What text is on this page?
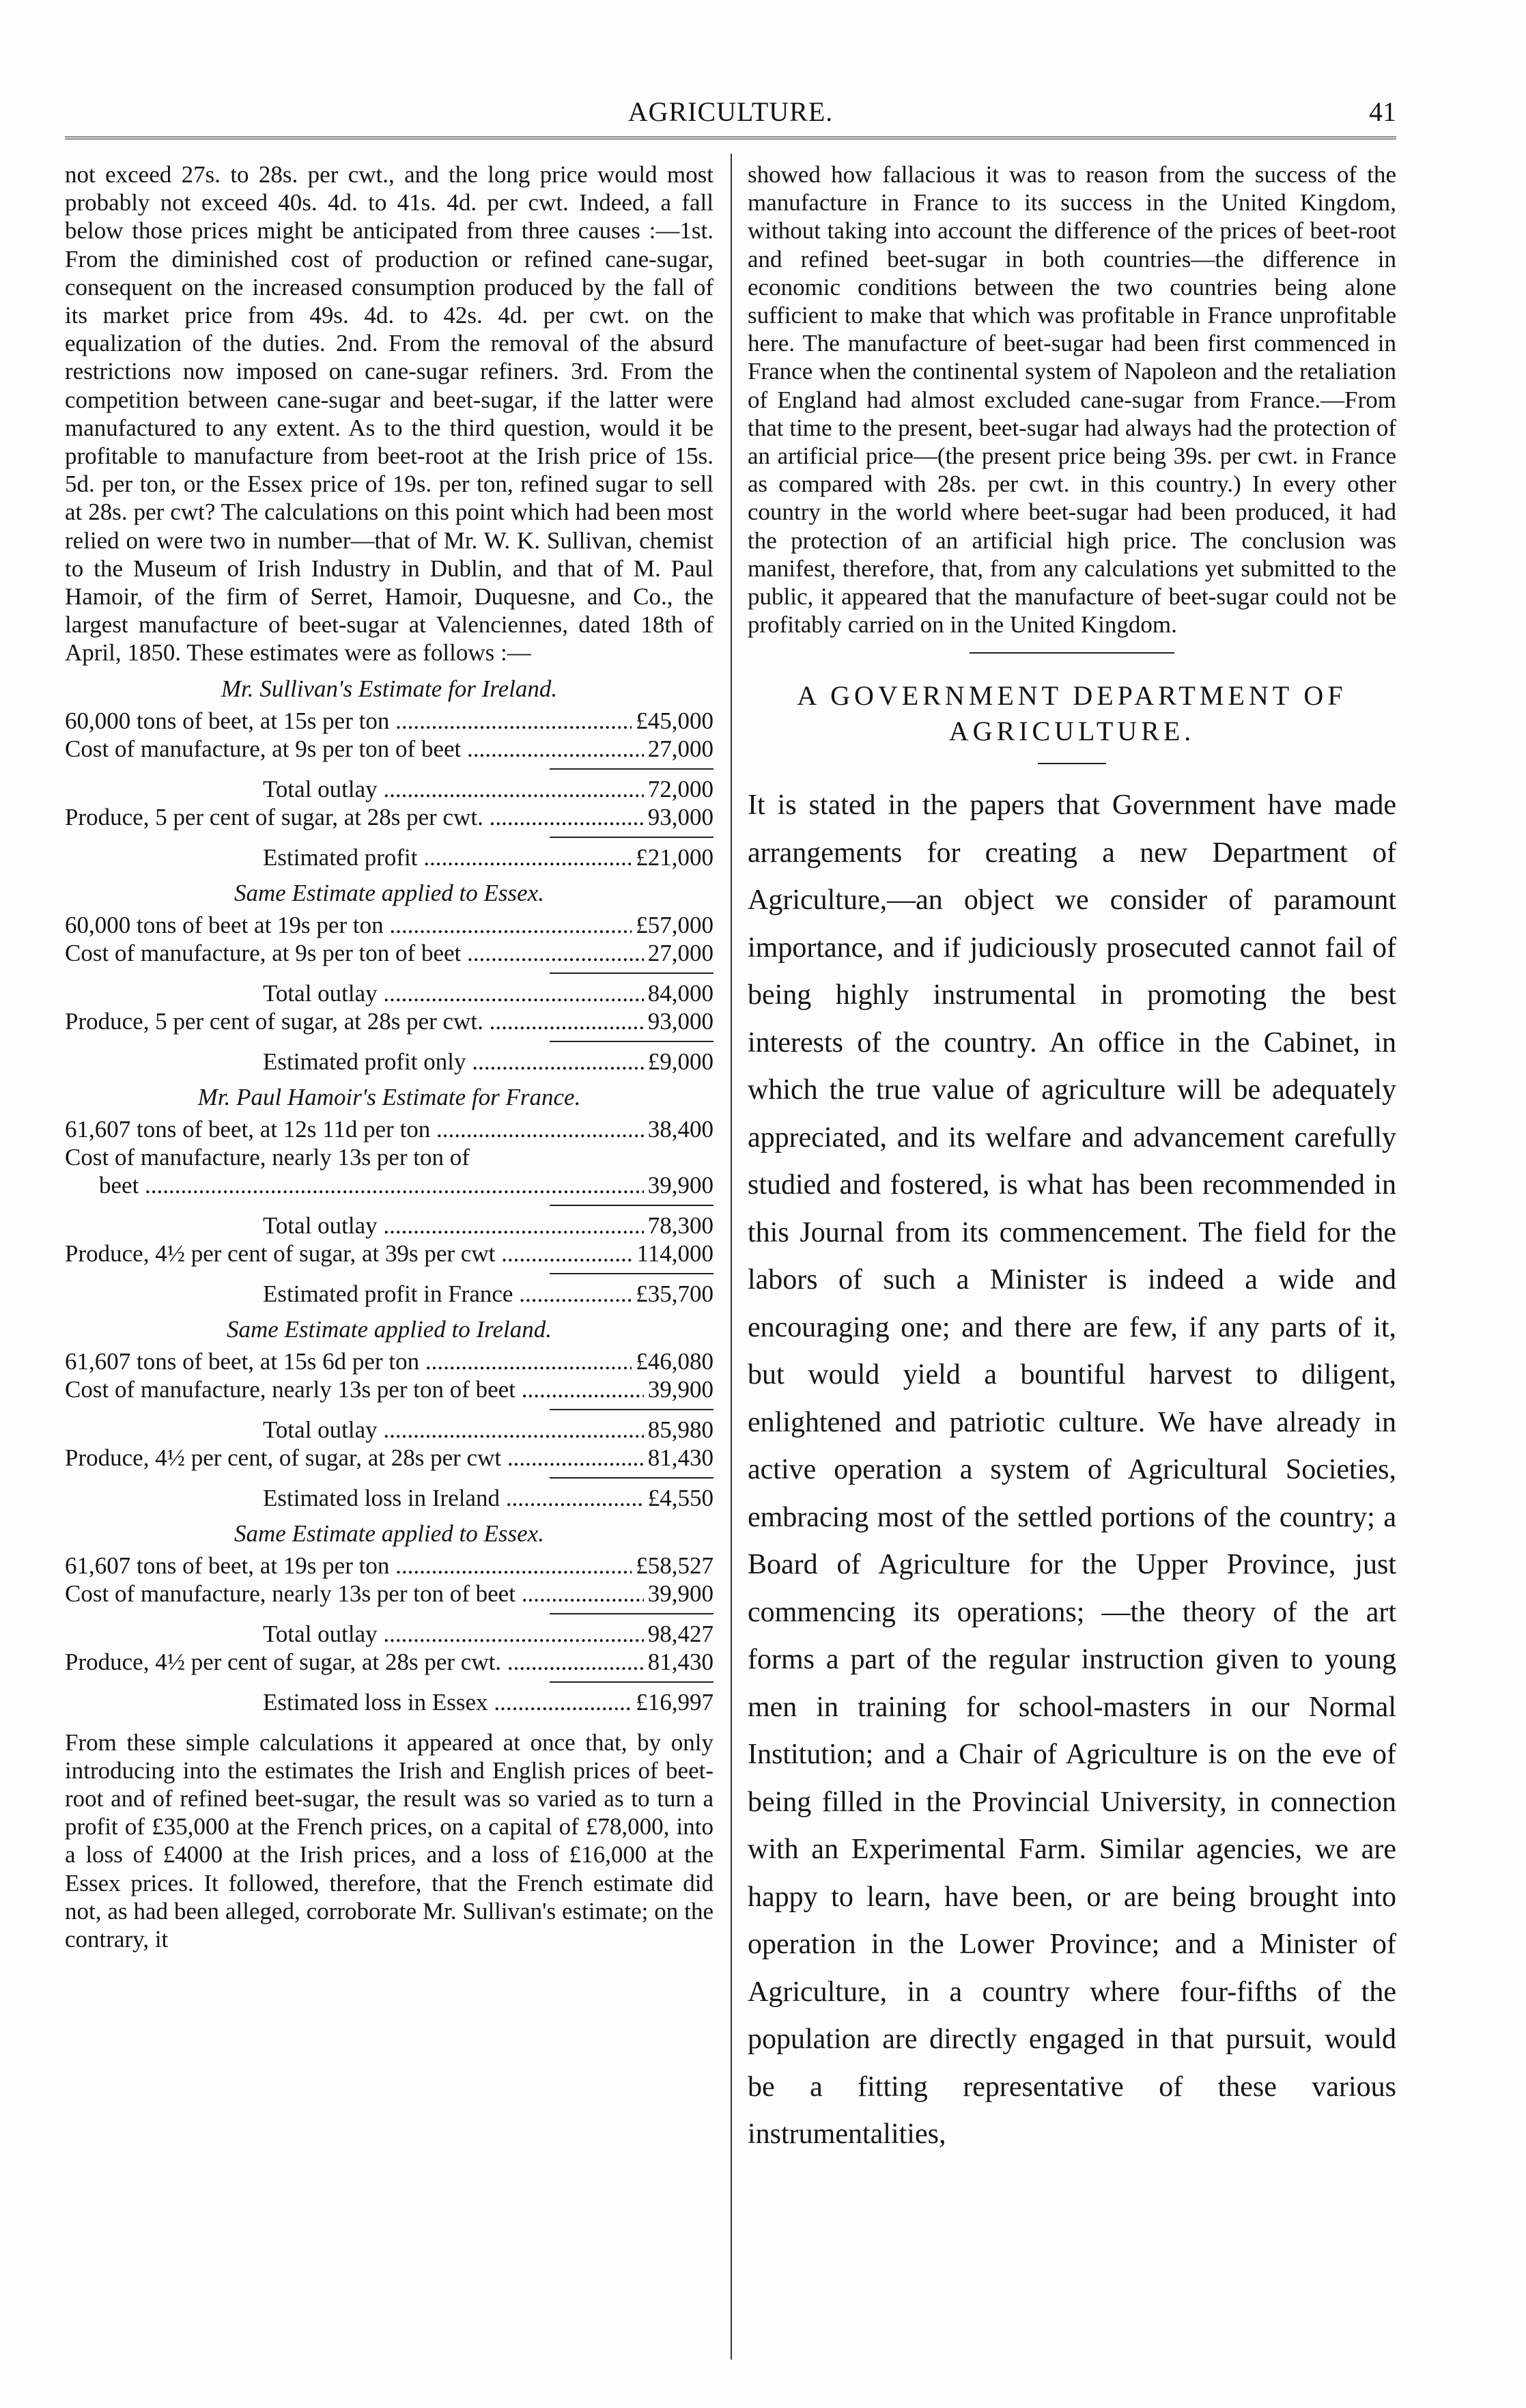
AGRICULTURE.	41

not exceed 27s. to 28s. per cwt., and the long price would most probably not exceed 40s. 4d. to 41s. 4d. per cwt. Indeed, a fall below those prices might be anticipated from three causes :—1st. From the diminished cost of production or refined cane-sugar, consequent on the increased consumption produced by the fall of its market price from 49s. 4d. to 42s. 4d. per cwt. on the equalization of the duties. 2nd. From the removal of the absurd restrictions now imposed on cane-sugar refiners. 3rd. From the competition between cane-sugar and beet-sugar, if the latter were manufactured to any extent. As to the third question, would it be profitable to manufacture from beet-root at the Irish price of 15s. 5d. per ton, or the Essex price of 19s. per ton, refined sugar to sell at 28s. per cwt? The calculations on this point which had been most relied on were two in number—that of Mr. W. K. Sullivan, chemist to the Museum of Irish Industry in Dublin, and that of M. Paul Hamoir, of the firm of Serret, Hamoir, Duquesne, and Co., the largest manufacture of beet-sugar at Valenciennes, dated 18th of April, 1850. These estimates were as follows :—

Mr. Sullivan's Estimate for Ireland.
60,000 tons of beet, at 15s per ton .....	£45,000
Cost of manufacture, at 9s per ton of beet .....	27,000
Total outlay .....	72,000
Produce, 5 per cent of sugar, at 28s per cwt. .....	93,000
Estimated profit .....	£21,000
Same Estimate applied to Essex.
60,000 tons of beet at 19s per ton .....	£57,000
Cost of manufacture, at 9s per ton of beet .....	27,000
Total outlay .....	84,000
Produce, 5 per cent of sugar, at 28s per cwt. .....	93,000
Estimated profit only .....	£9,000
Mr. Paul Hamoir's Estimate for France.
61,607 tons of beet, at 12s 11d per ton .....	38,400
Cost of manufacture, nearly 13s per ton of
beet .....	39,900
Total outlay .....	78,300
Produce, 4½ per cent of sugar, at 39s per cwt .....	114,000
Estimated profit in France .....	£35,700
Same Estimate applied to Ireland.
61,607 tons of beet, at 15s 6d per ton .....	£46,080
Cost of manufacture, nearly 13s per ton of beet .....	39,900
Total outlay .....	85,980
Produce, 4½ per cent, of sugar, at 28s per cwt .....	81,430
Estimated loss in Ireland .....	£4,550
Same Estimate applied to Essex.
61,607 tons of beet, at 19s per ton .....	£58,527
Cost of manufacture, nearly 13s per ton of beet .....	39,900
Total outlay .....	98,427
Produce, 4½ per cent of sugar, at 28s per cwt. .....	81,430
Estimated loss in Essex .....	£16,997

From these simple calculations it appeared at once that, by only introducing into the estimates the Irish and English prices of beet-root and of refined beet-sugar, the result was so varied as to turn a profit of £35,000 at the French prices, on a capital of £78,000, into a loss of £4000 at the Irish prices, and a loss of £16,000 at the Essex prices. It followed, therefore, that the French estimate did not, as had been alleged, corroborate Mr. Sullivan's estimate; on the contrary, it

showed how fallacious it was to reason from the success of the manufacture in France to its success in the United Kingdom, without taking into account the difference of the prices of beet-root and refined beet-sugar in both countries—the difference in economic conditions between the two countries being alone sufficient to make that which was profitable in France unprofitable here. The manufacture of beet-sugar had been first commenced in France when the continental system of Napoleon and the retaliation of England had almost excluded cane-sugar from France.—From that time to the present, beet-sugar had always had the protection of an artificial price—(the present price being 39s. per cwt. in France as compared with 28s. per cwt. in this country.) In every other country in the world where beet-sugar had been produced, it had the protection of an artificial high price. The conclusion was manifest, therefore, that, from any calculations yet submitted to the public, it appeared that the manufacture of beet-sugar could not be profitably carried on in the United Kingdom.

A GOVERNMENT DEPARTMENT OF
AGRICULTURE.

It is stated in the papers that Government have made arrangements for creating a new Department of Agriculture,—an object we consider of paramount importance, and if judiciously prosecuted cannot fail of being highly instrumental in promoting the best interests of the country. An office in the Cabinet, in which the true value of agriculture will be adequately appreciated, and its welfare and advancement carefully studied and fostered, is what has been recommended in this Journal from its commencement. The field for the labors of such a Minister is indeed a wide and encouraging one; and there are few, if any parts of it, but would yield a bountiful harvest to diligent, enlightened and patriotic culture. We have already in active operation a system of Agricultural Societies, embracing most of the settled portions of the country; a Board of Agriculture for the Upper Province, just commencing its operations; —the theory of the art forms a part of the regular instruction given to young men in training for school-masters in our Normal Institution; and a Chair of Agriculture is on the eve of being filled in the Provincial University, in connection with an Experimental Farm. Similar agencies, we are happy to learn, have been, or are being brought into operation in the Lower Province; and a Minister of Agriculture, in a country where four-fifths of the population are directly engaged in that pursuit, would be a fitting representative of these various instrumentalities,
